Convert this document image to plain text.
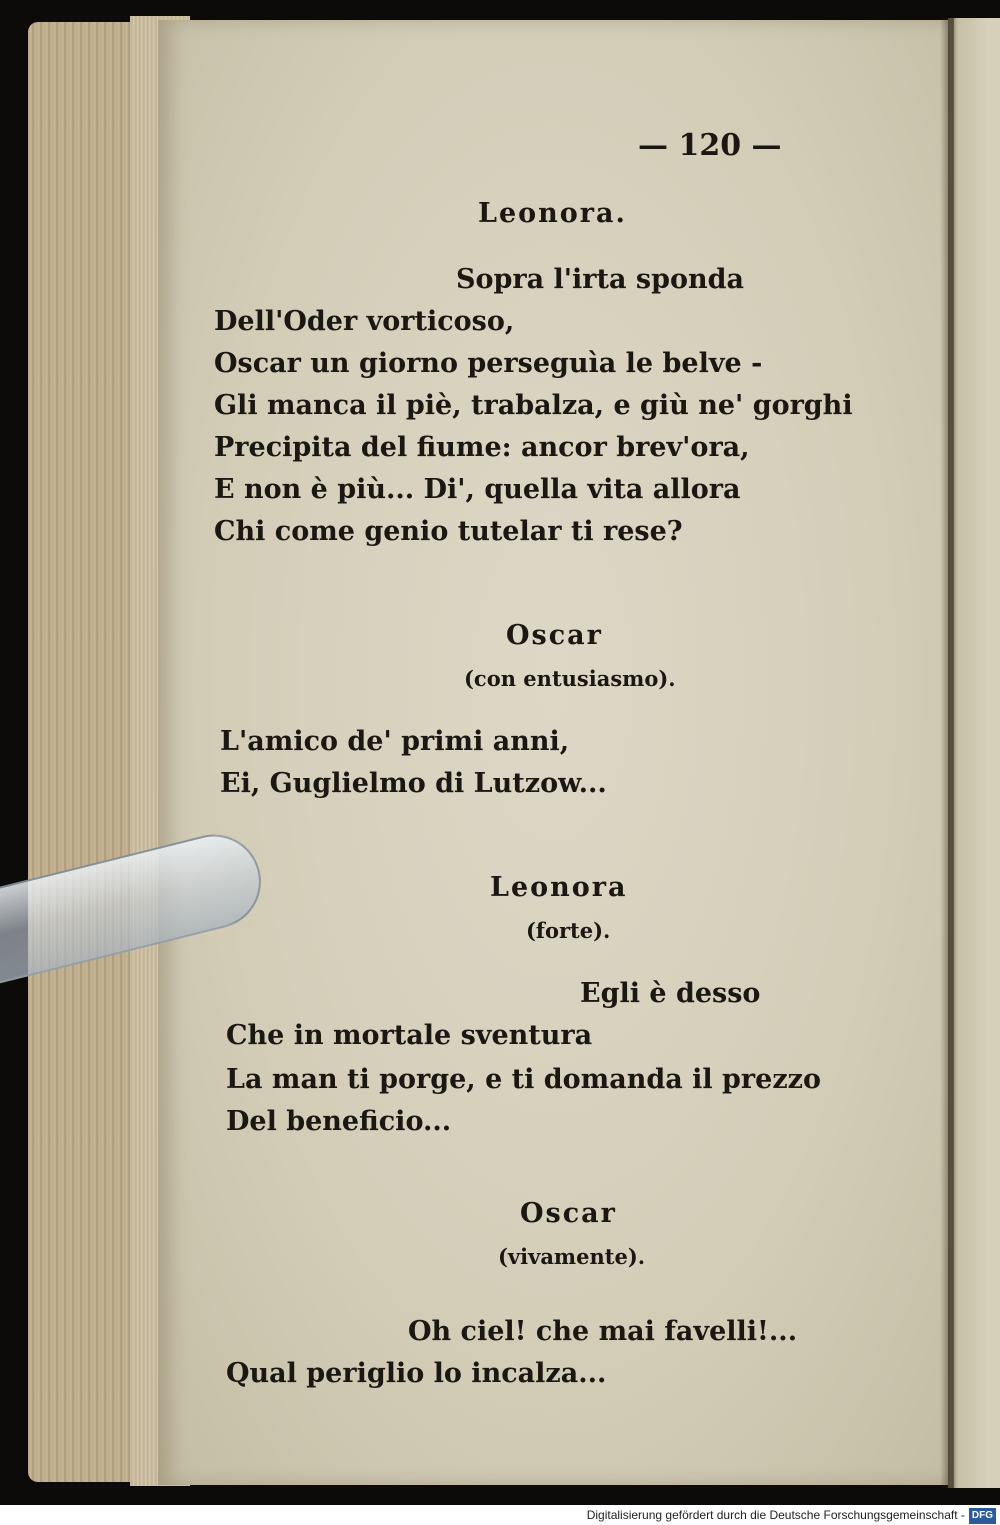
— 120 —
Leonora.
Sopra l'irta sponda
Dell'Oder vorticoso,
Oscar un giorno perseguìa le belve -
Gli manca il piè, trabalza, e giù ne' gorghi
Precipita del fiume: ancor brev'ora,
E non è più... Di', quella vita allora
Chi come genio tutelar ti rese?
Oscar
(con entusiasmo).
L'amico de' primi anni,
Ei, Guglielmo di Lutzow...
Leonora
(forte).
Egli è desso
Che in mortale sventura
La man ti porge, e ti domanda il prezzo
Del beneficio...
Oscar
(vivamente).
Oh ciel! che mai favelli!...
Qual periglio lo incalza...
Digitalisierung gefördert durch die Deutsche Forschungsgemeinschaft - DFG
